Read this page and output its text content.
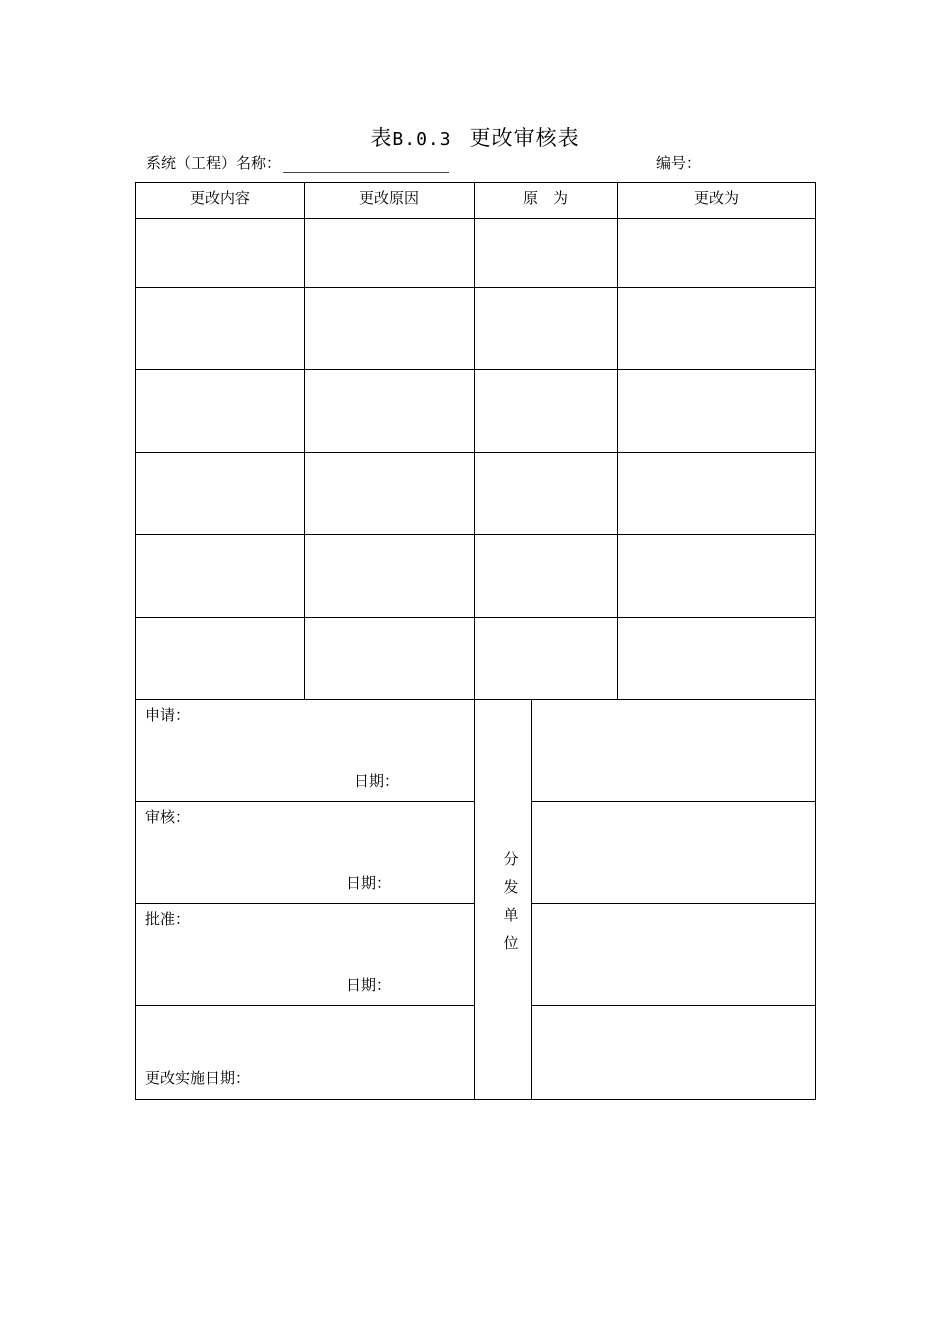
表B.0.3 更改审核表
系统（工程）名称：	编号：
更改内容	更改原因	原　为	更改为
申请：
日期：
审核：
日期：
批准：
日期：
更改实施日期：
分
发
单
位
